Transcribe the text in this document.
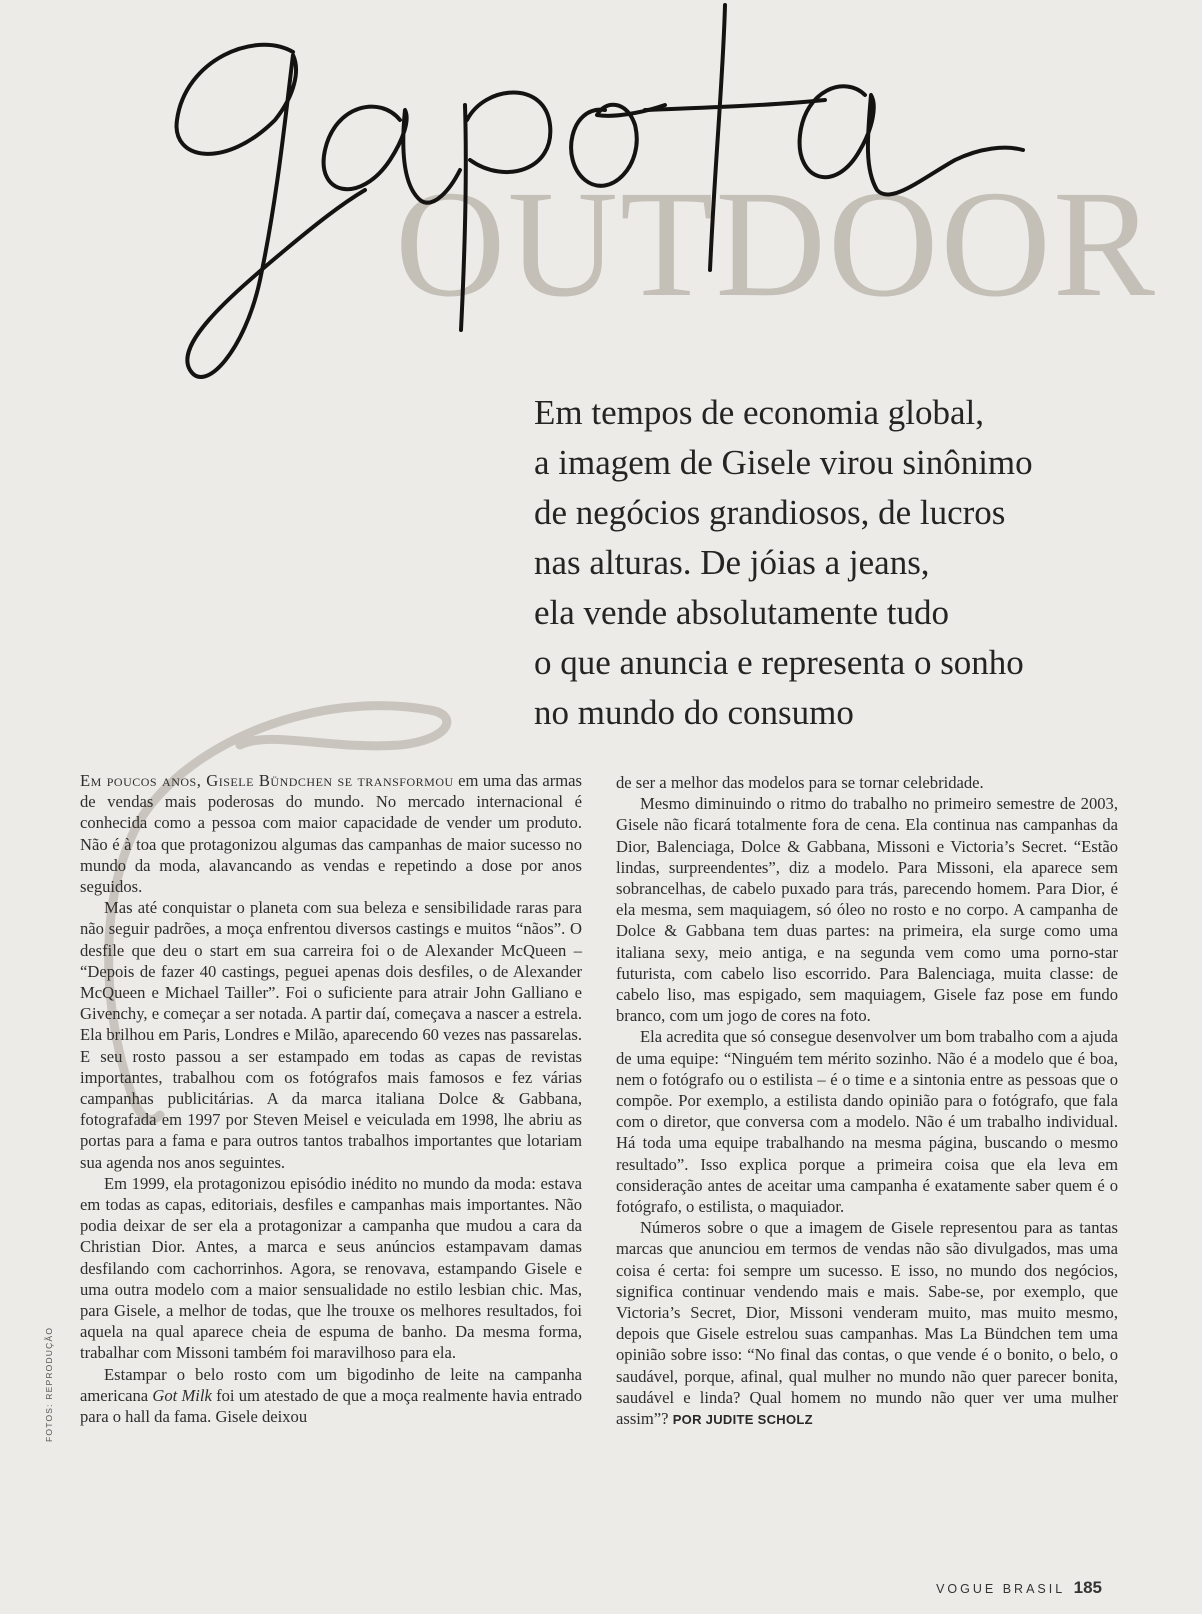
OUTDOOR

Em tempos de economia global,

a imagem de Gisele virou sinônimo

de negócios grandiosos, de lucros

nas alturas. De jóias a jeans,

ela vende absolutamente tudo

o que anuncia e representa o sonho

no mundo do consumo

Em poucos anos, Gisele Bündchen se transformou em uma das armas de vendas mais poderosas do mundo. No mercado internacional é conhecida como a pessoa com maior capacidade de vender um produto. Não é à toa que protagonizou algumas das campanhas de maior sucesso no mundo da moda, alavancando as vendas e repetindo a dose por anos seguidos.

Mas até conquistar o planeta com sua beleza e sensibilidade raras para não seguir padrões, a moça enfrentou diversos castings e muitos “nãos”. O desfile que deu o start em sua carreira foi o de Alexander McQueen – “Depois de fazer 40 castings, peguei apenas dois desfiles, o de Alexander McQueen e Michael Tailler”. Foi o suficiente para atrair John Galliano e Givenchy, e começar a ser notada. A partir daí, começava a nascer a estrela. Ela brilhou em Paris, Londres e Milão, aparecendo 60 vezes nas passarelas. E seu rosto passou a ser estampado em todas as capas de revistas importantes, trabalhou com os fotógrafos mais famosos e fez várias campanhas publicitárias. A da marca italiana Dolce & Gabbana, fotografada em 1997 por Steven Meisel e veiculada em 1998, lhe abriu as portas para a fama e para outros tantos trabalhos importantes que lotariam sua agenda nos anos seguintes.

Em 1999, ela protagonizou episódio inédito no mundo da moda: estava em todas as capas, editoriais, desfiles e campanhas mais importantes. Não podia deixar de ser ela a protagonizar a campanha que mudou a cara da Christian Dior. Antes, a marca e seus anúncios estampavam damas desfilando com cachorrinhos. Agora, se renovava, estampando Gisele e uma outra modelo com a maior sensualidade no estilo lesbian chic. Mas, para Gisele, a melhor de todas, que lhe trouxe os melhores resultados, foi aquela na qual aparece cheia de espuma de banho. Da mesma forma, trabalhar com Missoni também foi maravilhoso para ela.

Estampar o belo rosto com um bigodinho de leite na campanha americana Got Milk foi um atestado de que a moça realmente havia entrado para o hall da fama. Gisele deixou

de ser a melhor das modelos para se tornar celebridade.

Mesmo diminuindo o ritmo do trabalho no primeiro semestre de 2003, Gisele não ficará totalmente fora de cena. Ela continua nas campanhas da Dior, Balenciaga, Dolce & Gabbana, Missoni e Victoria’s Secret. “Estão lindas, surpreendentes”, diz a modelo. Para Missoni, ela aparece sem sobrancelhas, de cabelo puxado para trás, parecendo homem. Para Dior, é ela mesma, sem maquiagem, só óleo no rosto e no corpo. A campanha de Dolce & Gabbana tem duas partes: na primeira, ela surge como uma italiana sexy, meio antiga, e na segunda vem como uma porno-star futurista, com cabelo liso escorrido. Para Balenciaga, muita classe: de cabelo liso, mas espigado, sem maquiagem, Gisele faz pose em fundo branco, com um jogo de cores na foto.

Ela acredita que só consegue desenvolver um bom trabalho com a ajuda de uma equipe: “Ninguém tem mérito sozinho. Não é a modelo que é boa, nem o fotógrafo ou o estilista – é o time e a sintonia entre as pessoas que o compõe. Por exemplo, a estilista dando opinião para o fotógrafo, que fala com o diretor, que conversa com a modelo. Não é um trabalho individual. Há toda uma equipe trabalhando na mesma página, buscando o mesmo resultado”. Isso explica porque a primeira coisa que ela leva em consideração antes de aceitar uma campanha é exatamente saber quem é o fotógrafo, o estilista, o maquiador.

Números sobre o que a imagem de Gisele representou para as tantas marcas que anunciou em termos de vendas não são divulgados, mas uma coisa é certa: foi sempre um sucesso. E isso, no mundo dos negócios, significa continuar vendendo mais e mais. Sabe-se, por exemplo, que Victoria’s Secret, Dior, Missoni venderam muito, mas muito mesmo, depois que Gisele estrelou suas campanhas. Mas La Bündchen tem uma opinião sobre isso: “No final das contas, o que vende é o bonito, o belo, o saudável, porque, afinal, qual mulher no mundo não quer parecer bonita, saudável e linda? Qual homem no mundo não quer ver uma mulher assim”? POR JUDITE SCHOLZ

FOTOS: REPRODUÇÃO
VOGUE BRASIL 185
